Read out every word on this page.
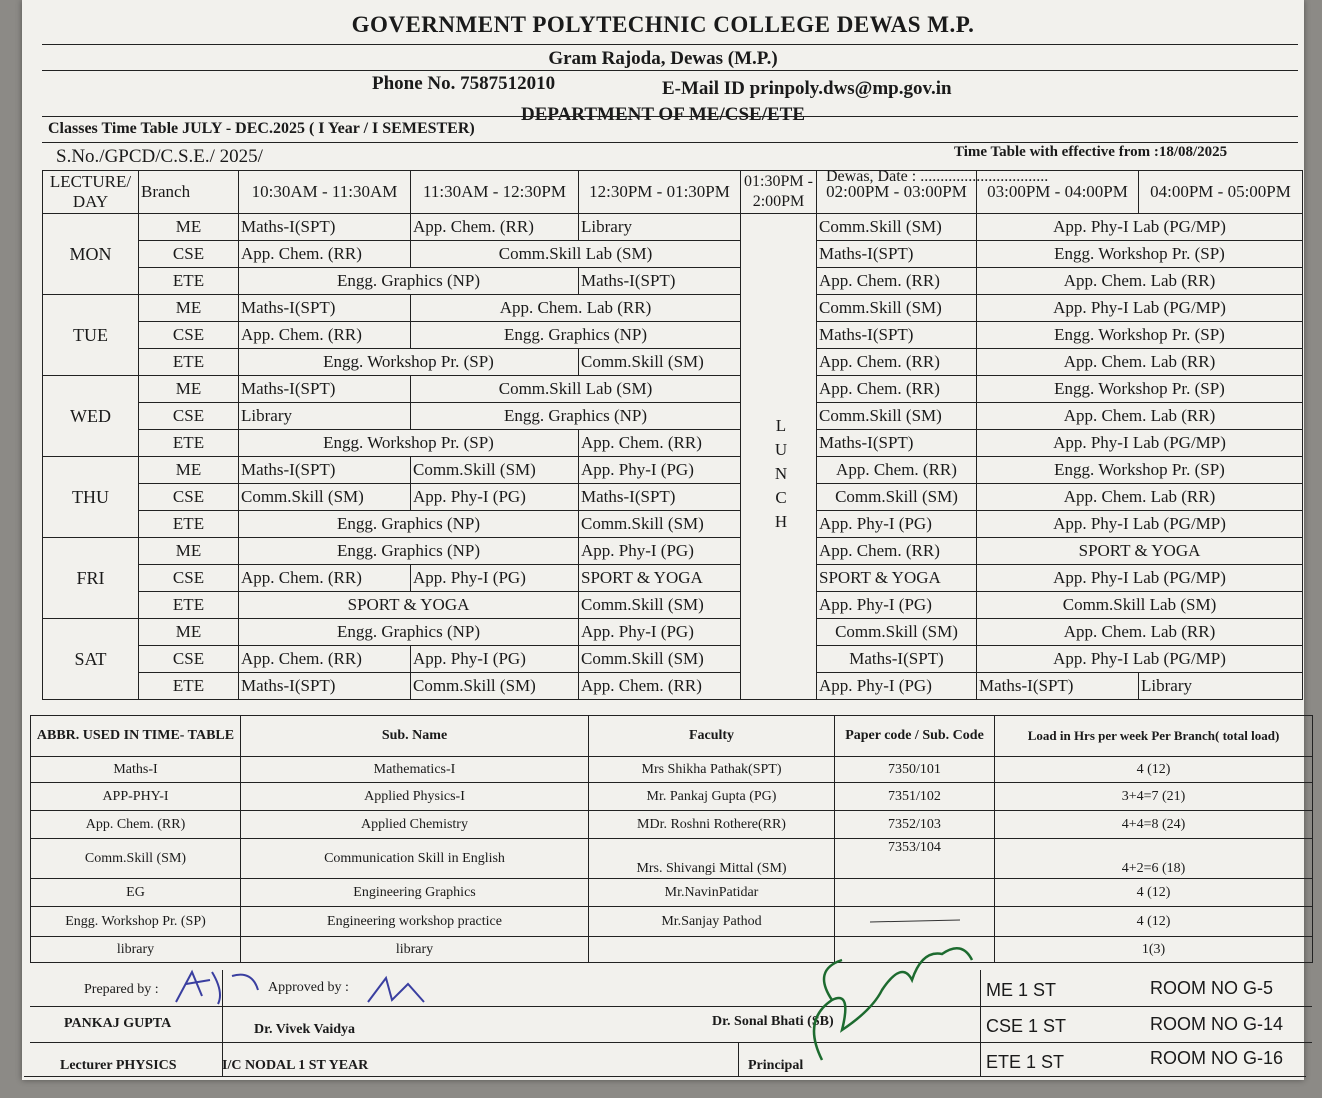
GOVERNMENT POLYTECHNIC COLLEGE DEWAS M.P.
Gram Rajoda, Dewas (M.P.)
Phone No. 7587512010	E-Mail ID prinpoly.dws@mp.gov.in
DEPARTMENT OF ME/CSE/ETE
Classes Time Table JULY - DEC.2025 ( I Year / I SEMESTER)
S.No./GPCD/C.S.E./ 2025/	Time Table with effective from :18/08/2025
Dewas, Date : ................................
LECTURE/ DAY	Branch	10:30AM - 11:30AM	11:30AM - 12:30PM	12:30PM - 01:30PM	01:30PM - 2:00PM	02:00PM - 03:00PM	03:00PM - 04:00PM	04:00PM - 05:00PM
MON	ME	Maths-I(SPT)	App. Chem. (RR)	Library		Comm.Skill (SM)	App. Phy-I Lab (PG/MP)	
	CSE	App. Chem. (RR)	Comm.Skill Lab (SM)			Maths-I(SPT)	Engg. Workshop Pr. (SP)	
	ETE	Engg. Graphics (NP)		Maths-I(SPT)		App. Chem. (RR)	App. Chem. Lab (RR)	
TUE	ME	Maths-I(SPT)	App. Chem. Lab (RR)			Comm.Skill (SM)	App. Phy-I Lab (PG/MP)	
	CSE	App. Chem. (RR)	Engg. Graphics (NP)			Maths-I(SPT)	Engg. Workshop Pr. (SP)	
	ETE	Engg. Workshop Pr. (SP)		Comm.Skill (SM)		App. Chem. (RR)	App. Chem. Lab (RR)	
WED	ME	Maths-I(SPT)	Comm.Skill Lab (SM)			App. Chem. (RR)	Engg. Workshop Pr. (SP)	
	CSE	Library	Engg. Graphics (NP)			Comm.Skill (SM)	App. Chem. Lab (RR)	
	ETE	Engg. Workshop Pr. (SP)		App. Chem. (RR)		Maths-I(SPT)	App. Phy-I Lab (PG/MP)	
THU	ME	Maths-I(SPT)	Comm.Skill (SM)	App. Phy-I (PG)		App. Chem. (RR)	Engg. Workshop Pr. (SP)	
	CSE	Comm.Skill (SM)	App. Phy-I (PG)	Maths-I(SPT)		Comm.Skill (SM)	App. Chem. Lab (RR)	
	ETE	Engg. Graphics (NP)		Comm.Skill (SM)		App. Phy-I (PG)	App. Phy-I Lab (PG/MP)	
FRI	ME	Engg. Graphics (NP)		App. Phy-I (PG)		App. Chem. (RR)	SPORT & YOGA	
	CSE	App. Chem. (RR)	App. Phy-I (PG)	SPORT & YOGA		SPORT & YOGA	App. Phy-I Lab (PG/MP)	
	ETE	SPORT & YOGA		Comm.Skill (SM)		App. Phy-I (PG)	Comm.Skill Lab (SM)	
SAT	ME	Engg. Graphics (NP)		App. Phy-I (PG)		Comm.Skill (SM)	App. Chem. Lab (RR)	
	CSE	App. Chem. (RR)	App. Phy-I (PG)	Comm.Skill (SM)		Maths-I(SPT)	App. Phy-I Lab (PG/MP)	
	ETE	Maths-I(SPT)	Comm.Skill (SM)	App. Chem. (RR)		App. Phy-I (PG)	Maths-I(SPT)	Library
L
U
N
C
H
ABBR. USED IN TIME- TABLE	Sub. Name	Faculty	Paper code / Sub. Code	Load in Hrs per week Per Branch( total load)
Maths-I	Mathematics-I	Mrs Shikha Pathak(SPT)	7350/101	4 (12)
APP-PHY-I	Applied Physics-I	Mr. Pankaj Gupta (PG)	7351/102	3+4=7 (21)
App. Chem. (RR)	Applied Chemistry	MDr. Roshni Rothere(RR)	7352/103	4+4=8 (24)
Comm.Skill (SM)	Communication Skill in English	Mrs. Shivangi Mittal (SM)	7353/104	4+2=6 (18)
EG	Engineering Graphics	Mr.NavinPatidar		4 (12)
Engg. Workshop Pr. (SP)	Engineering workshop practice	Mr.Sanjay Pathod		4 (12)
library	library			1(3)
Prepared by :	Approved by :
PANKAJ GUPTA
Lecturer PHYSICS
Dr. Vivek Vaidya
I/C NODAL 1 ST YEAR
Dr. Sonal Bhati (SB)
Principal
ME 1 ST	ROOM NO G-5
CSE 1 ST	ROOM NO G-14
ETE 1 ST	ROOM NO G-16
